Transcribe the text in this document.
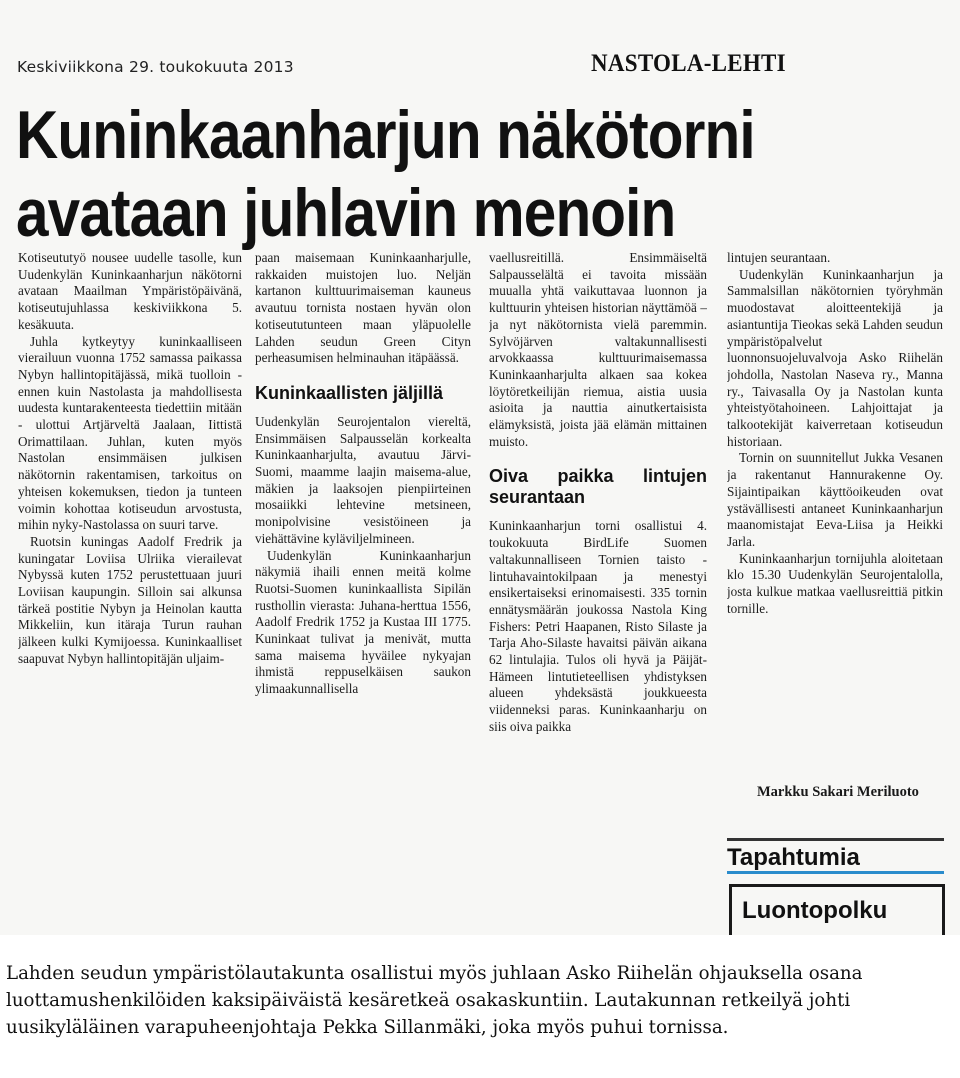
Keskiviikkona 29. toukokuuta 2013	NASTOLA-LEHTI
Kuninkaanharjun näkötorni
avataan juhlavin menoin

Kotiseututyö nousee uudelle tasolle, kun Uudenkylän Kuninkaanharjun näkötorni avataan Maailman Ympäristöpäivänä, kotiseutujuhlassa keskiviikkona 5. kesäkuuta.

Juhla kytkeytyy kuninkaalliseen vierailuun vuonna 1752 samassa paikassa Nybyn hallintopitäjässä, mikä tuolloin - ennen kuin Nastolasta ja mahdollisesta uudesta kuntarakenteesta tiedettiin mitään - ulottui Artjärveltä Jaalaan, Iittistä Orimattilaan. Juhlan, kuten myös Nastolan ensimmäisen julkisen näkötornin rakentamisen, tarkoitus on yhteisen kokemuksen, tiedon ja tunteen voimin kohottaa kotiseudun arvostusta, mihin nyky-Nastolassa on suuri tarve.

Ruotsin kuningas Aadolf Fredrik ja kuningatar Loviisa Ulriika vierailevat Nybyssä kuten 1752 perustettuaan juuri Loviisan kaupungin. Silloin sai alkunsa tärkeä postitie Nybyn ja Heinolan kautta Mikkeliin, kun itäraja Turun rauhan jälkeen kulki Kymijoessa. Kuninkaalliset saapuvat Nybyn hallintopitäjän uljaim-

paan maisemaan Kuninkaanharjulle, rakkaiden muistojen luo. Neljän kartanon kulttuurimaiseman kauneus avautuu tornista nostaen hyvän olon kotiseututunteen maan yläpuolelle Lahden seudun Green Cityn perheasumisen helminauhan itäpäässä.

Kuninkaallisten jäljillä

Uudenkylän Seurojentalon viereltä, Ensimmäisen Salpausselän korkealta Kuninkaanharjulta, avautuu Järvi-Suomi, maamme laajin maisema-alue, mäkien ja laaksojen pienpiirteinen mosaiikki lehtevine metsineen, monipolvisine vesistöineen ja viehättävine kyläviljelmineen.

Uudenkylän Kuninkaanharjun näkymiä ihaili ennen meitä kolme Ruotsi-Suomen kuninkaallista Sipilän rusthollin vierasta: Juhana-herttua 1556, Aadolf Fredrik 1752 ja Kustaa III 1775. Kuninkaat tulivat ja menivät, mutta sama maisema hyväilee nykyajan ihmistä reppuselkäisen saukon ylimaakunnallisella

vaellusreitillä. Ensimmäiseltä Salpausselältä ei tavoita missään muualla yhtä vaikuttavaa luonnon ja kulttuurin yhteisen historian näyttämöä – ja nyt näkötornista vielä paremmin. Sylvöjärven valtakunnallisesti arvokkaassa kulttuurimaisemassa Kuninkaanharjulta alkaen saa kokea löytöretkeilijän riemua, aistia uusia asioita ja nauttia ainutkertaisista elämyksistä, joista jää elämän mittainen muisto.

Oiva paikka lintujen seurantaan

Kuninkaanharjun torni osallistui 4. toukokuuta BirdLife Suomen valtakunnalliseen Tornien taisto -lintuhavaintokilpaan ja menestyi ensikertaiseksi erinomaisesti. 335 tornin ennätysmäärän joukossa Nastola King Fishers: Petri Haapanen, Risto Silaste ja Tarja Aho-Silaste havaitsi päivän aikana 62 lintulajia. Tulos oli hyvä ja Päijät-Hämeen lintutieteellisen yhdistyksen alueen yhdeksästä joukkueesta viidenneksi paras. Kuninkaanharju on siis oiva paikka

lintujen seurantaan.

Uudenkylän Kuninkaanharjun ja Sammalsillan näkötornien työryhmän muodostavat aloitteentekijä ja asiantuntija Tieokas sekä Lahden seudun ympäristöpalvelut luonnonsuojeluvalvoja Asko Riihelän johdolla, Nastolan Naseva ry., Manna ry., Taivasalla Oy ja Nastolan kunta yhteistyötahoineen. Lahjoittajat ja talkootekijät kaiverretaan kotiseudun historiaan.

Tornin on suunnitellut Jukka Vesanen ja rakentanut Hannurakenne Oy. Sijaintipaikan käyttöoikeuden ovat ystävällisesti antaneet Kuninkaanharjun maanomistajat Eeva-Liisa ja Heikki Jarla.

Kuninkaanharjun tornijuhla aloitetaan klo 15.30 Uudenkylän Seurojentalolla, josta kulkue matkaa vaellusreittiä pitkin tornille.

Markku Sakari Meriluoto
Tapahtumia
Luontopolku
Lahden seudun ympäristölautakunta osallistui myös juhlaan Asko Riihelän ohjauksella osana luottamushenkilöiden kaksipäiväistä kesäretkeä osakaskuntiin. Lautakunnan retkeilyä johti uusikyläläinen varapuheenjohtaja Pekka Sillanmäki, joka myös puhui tornissa.
